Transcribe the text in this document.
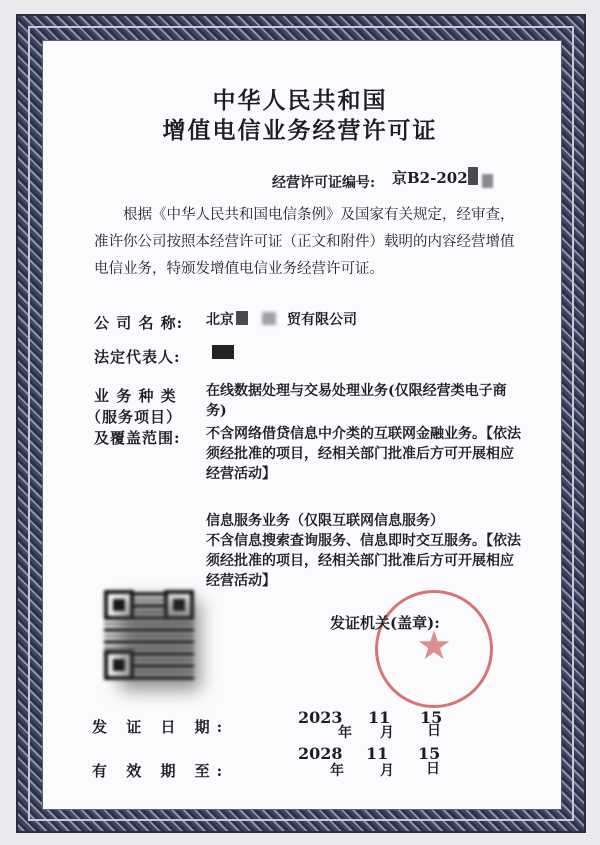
中华人民共和国
增值电信业务经营许可证
经营许可证编号: 京B2-202
根据《中华人民共和国电信条例》及国家有关规定，经审查，准许你公司按照本经营许可证（正文和附件）载明的内容经营增值电信业务，特颁发增值电信业务经营许可证。
公 司 名 称: 北京	贸有限公司
法定代表人:
业 务 种 类
（服务项目）
及覆盖范围:
在线数据处理与交易处理业务(仅限经营类电子商务)
不含网络借贷信息中介类的互联网金融业务。【依法须经批准的项目，经相关部门批准后方可开展相应经营活动】
信息服务业务（仅限互联网信息服务）
不含信息搜索查询服务、信息即时交互服务。【依法须经批准的项目，经相关部门批准后方可开展相应经营活动】
★
发证机关(盖章):
发 证 日 期:	2023
年
11
月
15
日
有 效 期 至:
2028
年
11
月
15
日
